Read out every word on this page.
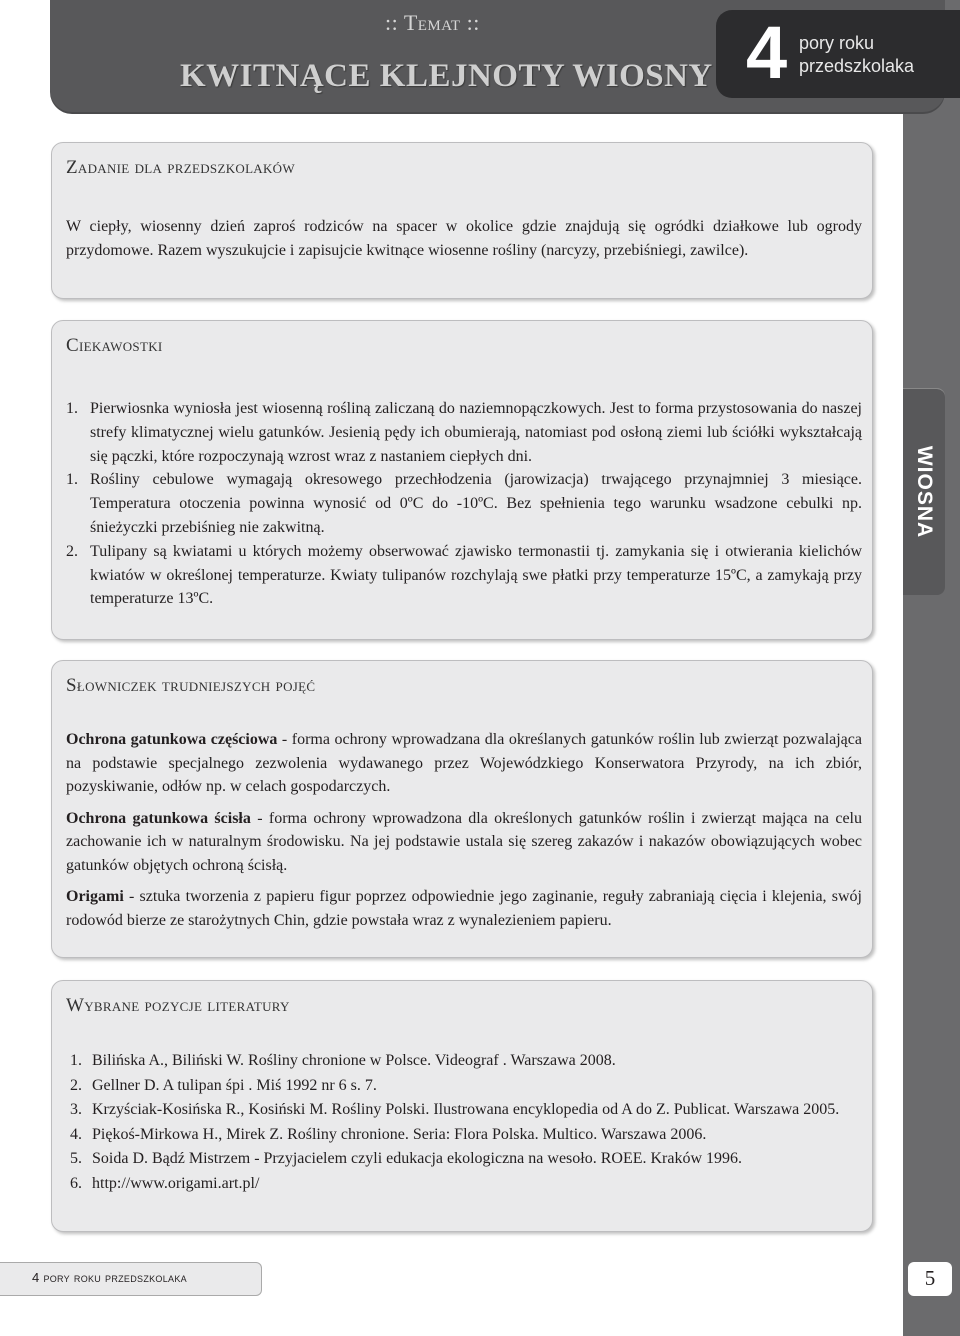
:: Temat ::
KWITNĄCE KLEJNOTY WIOSNY 4 pory roku
przedszkolaka
WIOSNA
Zadanie dla przedszkolaków

W ciepły, wiosenny dzień zaproś rodziców na spacer w okolice gdzie znajdują się ogródki działkowe lub ogrody przydomowe. Razem wyszukujcie i zapisujcie kwitnące wiosenne rośliny (narcyzy, przebiśniegi, zawilce).

Ciekawostki
1. Pierwiosnka wyniosła jest wiosenną rośliną zaliczaną do naziemnopączkowych. Jest to forma przystosowania do naszej strefy klimatycznej wielu gatunków. Jesienią pędy ich obumierają, natomiast pod osłoną ziemi lub ściółki wykształcają się pączki, które rozpoczynają wzrost wraz z nastaniem ciepłych dni.
1. Rośliny cebulowe wymagają okresowego przechłodzenia (jarowizacja) trwającego przynajmniej 3 miesiące. Temperatura otoczenia powinna wynosić od 0ºC do -10ºC. Bez spełnienia tego warunku wsadzone cebulki np. śnieżyczki przebiśnieg nie zakwitną.
2. Tulipany są kwiatami u których możemy obserwować zjawisko termonastii tj. zamykania się i otwierania kielichów kwiatów w określonej temperaturze. Kwiaty tulipanów rozchylają swe płatki przy temperaturze 15ºC, a zamykają przy temperaturze 13ºC.
Słowniczek trudniejszych pojęć

Ochrona gatunkowa częściowa - forma ochrony wprowadzana dla określanych gatunków roślin lub zwierząt pozwalająca na podstawie specjalnego zezwolenia wydawanego przez Wojewódzkiego Konserwatora Przyrody, na ich zbiór, pozyskiwanie, odłów np. w celach gospodarczych.

Ochrona gatunkowa ścisła - forma ochrony wprowadzona dla określonych gatunków roślin i zwierząt mająca na celu zachowanie ich w naturalnym środowisku. Na jej podstawie ustala się szereg zakazów i nakazów obowiązujących wobec gatunków objętych ochroną ścisłą.

Origami - sztuka tworzenia z papieru figur poprzez odpowiednie jego zaginanie, reguły zabraniają cięcia i klejenia, swój rodowód bierze ze starożytnych Chin, gdzie powstała wraz z wynalezieniem papieru.

Wybrane pozycje literatury
1. Bilińska A., Biliński W. Rośliny chronione w Polsce. Videograf . Warszawa 2008.
2. Gellner D. A tulipan śpi . Miś 1992 nr 6 s. 7.
3. Krzyściak-Kosińska R., Kosiński M. Rośliny Polski. Ilustrowana encyklopedia od A do Z. Publicat. Warszawa 2005.
4. Piękoś-Mirkowa H., Mirek Z. Rośliny chronione. Seria: Flora Polska. Multico. Warszawa 2006.
5. Soida D. Bądź Mistrzem - Przyjacielem czyli edukacja ekologiczna na wesoło. ROEE. Kraków 1996.
6. http://www.origami.art.pl/
4 pory roku przedszkolaka	5
